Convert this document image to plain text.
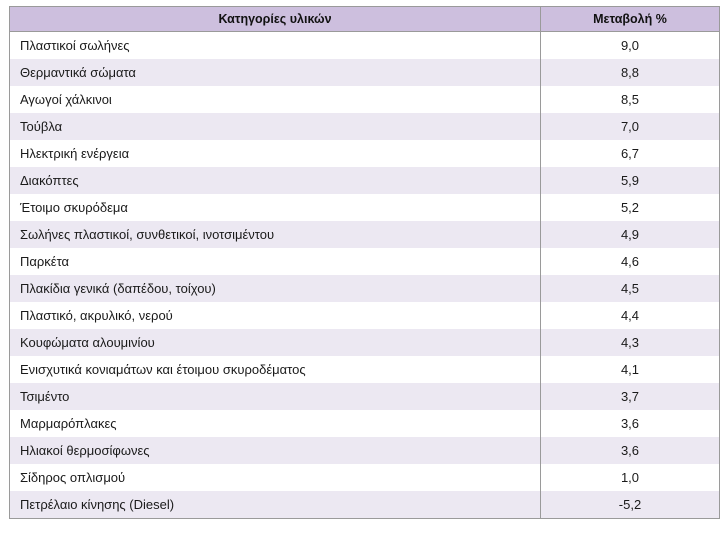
Κατηγορίες υλικών	Μεταβολή %
Πλαστικοί σωλήνες	9,0
Θερμαντικά σώματα	8,8
Αγωγοί χάλκινοι	8,5
Τούβλα	7,0
Ηλεκτρική ενέργεια	6,7
Διακόπτες	5,9
Έτοιμο σκυρόδεμα	5,2
Σωλήνες πλαστικοί, συνθετικοί, ινοτσιμέντου	4,9
Παρκέτα	4,6
Πλακίδια γενικά (δαπέδου, τοίχου)	4,5
Πλαστικό, ακρυλικό, νερού	4,4
Κουφώματα αλουμινίου	4,3
Ενισχυτικά κονιαμάτων και έτοιμου σκυροδέματος	4,1
Τσιμέντο	3,7
Μαρμαρόπλακες	3,6
Ηλιακοί θερμοσίφωνες	3,6
Σίδηρος οπλισμού	1,0
Πετρέλαιο κίνησης (Diesel)	-5,2
